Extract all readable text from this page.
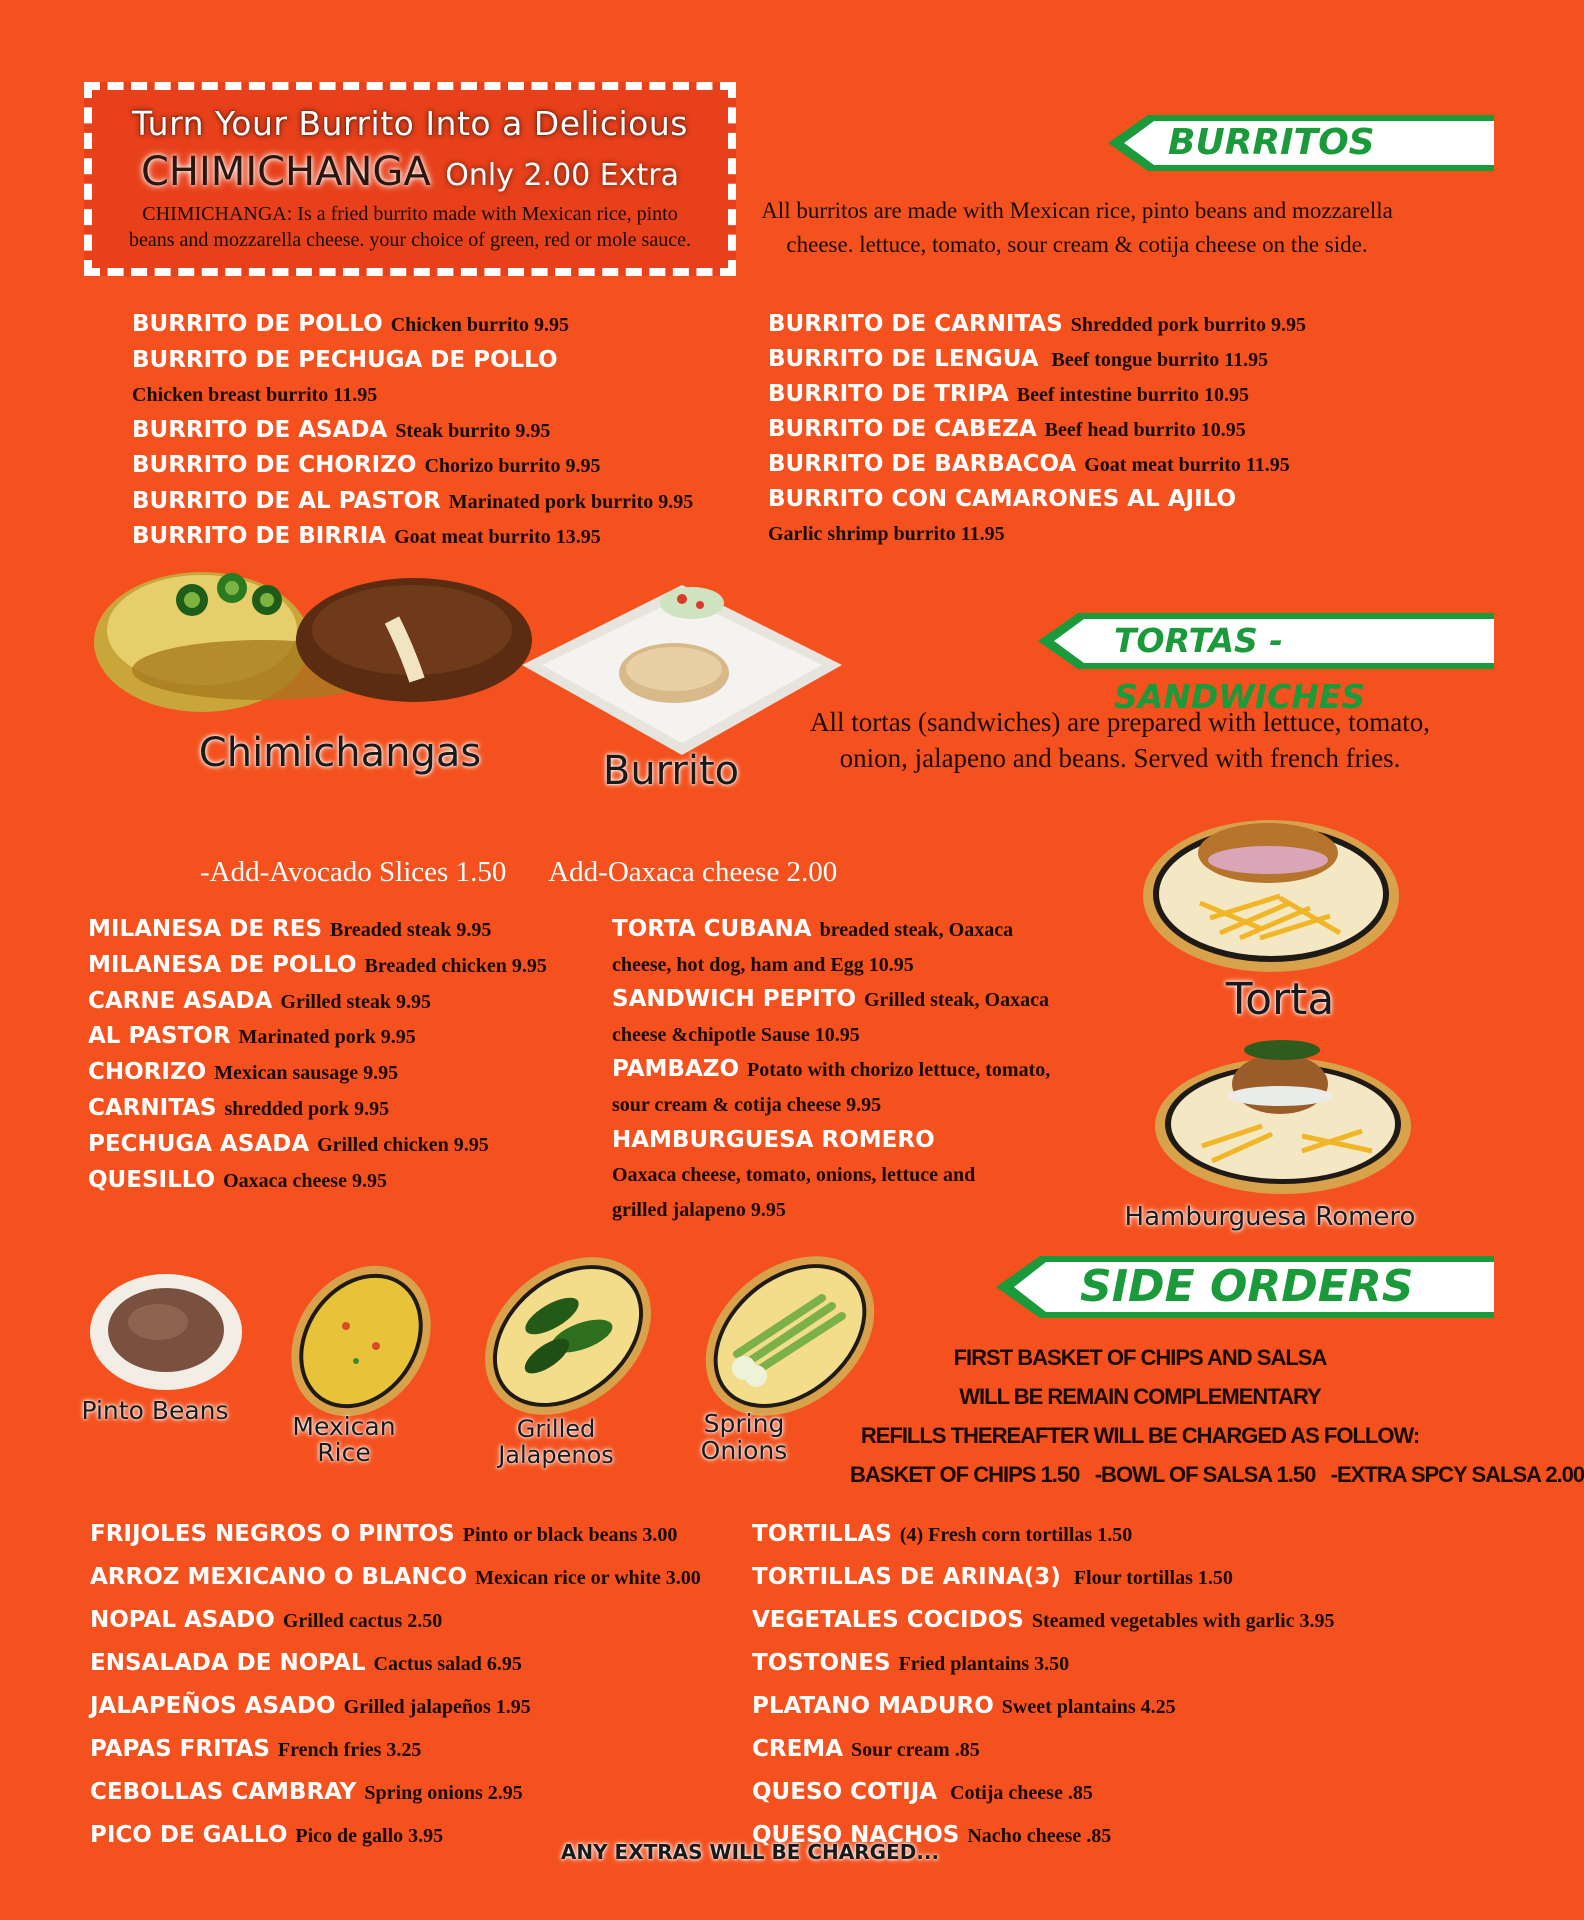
Turn Your Burrito Into a Delicious
CHIMICHANGA Only 2.00 Extra
CHIMICHANGA: Is a fried burrito made with Mexican rice, pinto beans and mozzarella cheese. your choice of green, red or mole sauce.
BURRITOS
All burritos are made with Mexican rice, pinto beans and mozzarella cheese. lettuce, tomato, sour cream & cotija cheese on the side.
BURRITO DE POLLO Chicken burrito 9.95
BURRITO DE PECHUGA DE POLLO
Chicken breast burrito 11.95
BURRITO DE ASADA Steak burrito 9.95
BURRITO DE CHORIZO Chorizo burrito 9.95
BURRITO DE AL PASTOR Marinated pork burrito 9.95
BURRITO DE BIRRIA Goat meat burrito 13.95
BURRITO DE CARNITAS Shredded pork burrito 9.95
BURRITO DE LENGUA Beef tongue burrito 11.95
BURRITO DE TRIPA Beef intestine burrito 10.95
BURRITO DE CABEZA Beef head burrito 10.95
BURRITO DE BARBACOA Goat meat burrito 11.95
BURRITO CON CAMARONES AL AJILO
Garlic shrimp burrito 11.95
Chimichangas	Burrito
TORTAS - SANDWICHES
All tortas (sandwiches) are prepared with lettuce, tomato, onion, jalapeno and beans. Served with french fries.
-Add-Avocado Slices 1.50      Add-Oaxaca cheese 2.00
Torta
Hamburguesa Romero
MILANESA DE RES Breaded steak 9.95
MILANESA DE POLLO Breaded chicken 9.95
CARNE ASADA Grilled steak 9.95
AL PASTOR Marinated pork 9.95
CHORIZO Mexican sausage 9.95
CARNITAS shredded pork 9.95
PECHUGA ASADA Grilled chicken 9.95
QUESILLO Oaxaca cheese 9.95
TORTA CUBANA breaded steak, Oaxaca
cheese, hot dog, ham and Egg 10.95
SANDWICH PEPITO Grilled steak, Oaxaca
cheese &chipotle Sause 10.95
PAMBAZO Potato with chorizo lettuce, tomato,
sour cream & cotija cheese 9.95
HAMBURGUESA ROMERO
Oaxaca cheese, tomato, onions, lettuce and
grilled jalapeno 9.95
SIDE ORDERS
Pinto Beans
Mexican Rice
Grilled Jalapenos
Spring Onions
FIRST BASKET OF CHIPS AND SALSA
WILL BE REMAIN COMPLEMENTARY
REFILLS THEREAFTER WILL BE CHARGED AS FOLLOW:
BASKET OF CHIPS 1.50   -BOWL OF SALSA 1.50   -EXTRA SPCY SALSA 2.00
FRIJOLES NEGROS O PINTOS Pinto or black beans 3.00
ARROZ MEXICANO O BLANCO Mexican rice or white 3.00
NOPAL ASADO Grilled cactus 2.50
ENSALADA DE NOPAL Cactus salad 6.95
JALAPEÑOS ASADO Grilled jalapeños 1.95
PAPAS FRITAS French fries 3.25
CEBOLLAS CAMBRAY Spring onions 2.95
PICO DE GALLO Pico de gallo 3.95
TORTILLAS (4) Fresh corn tortillas 1.50
TORTILLAS DE ARINA(3) Flour tortillas 1.50
VEGETALES COCIDOS Steamed vegetables with garlic 3.95
TOSTONES Fried plantains 3.50
PLATANO MADURO Sweet plantains 4.25
CREMA Sour cream .85
QUESO COTIJA Cotija cheese .85
QUESO NACHOS Nacho cheese .85
ANY EXTRAS WILL BE CHARGED...
